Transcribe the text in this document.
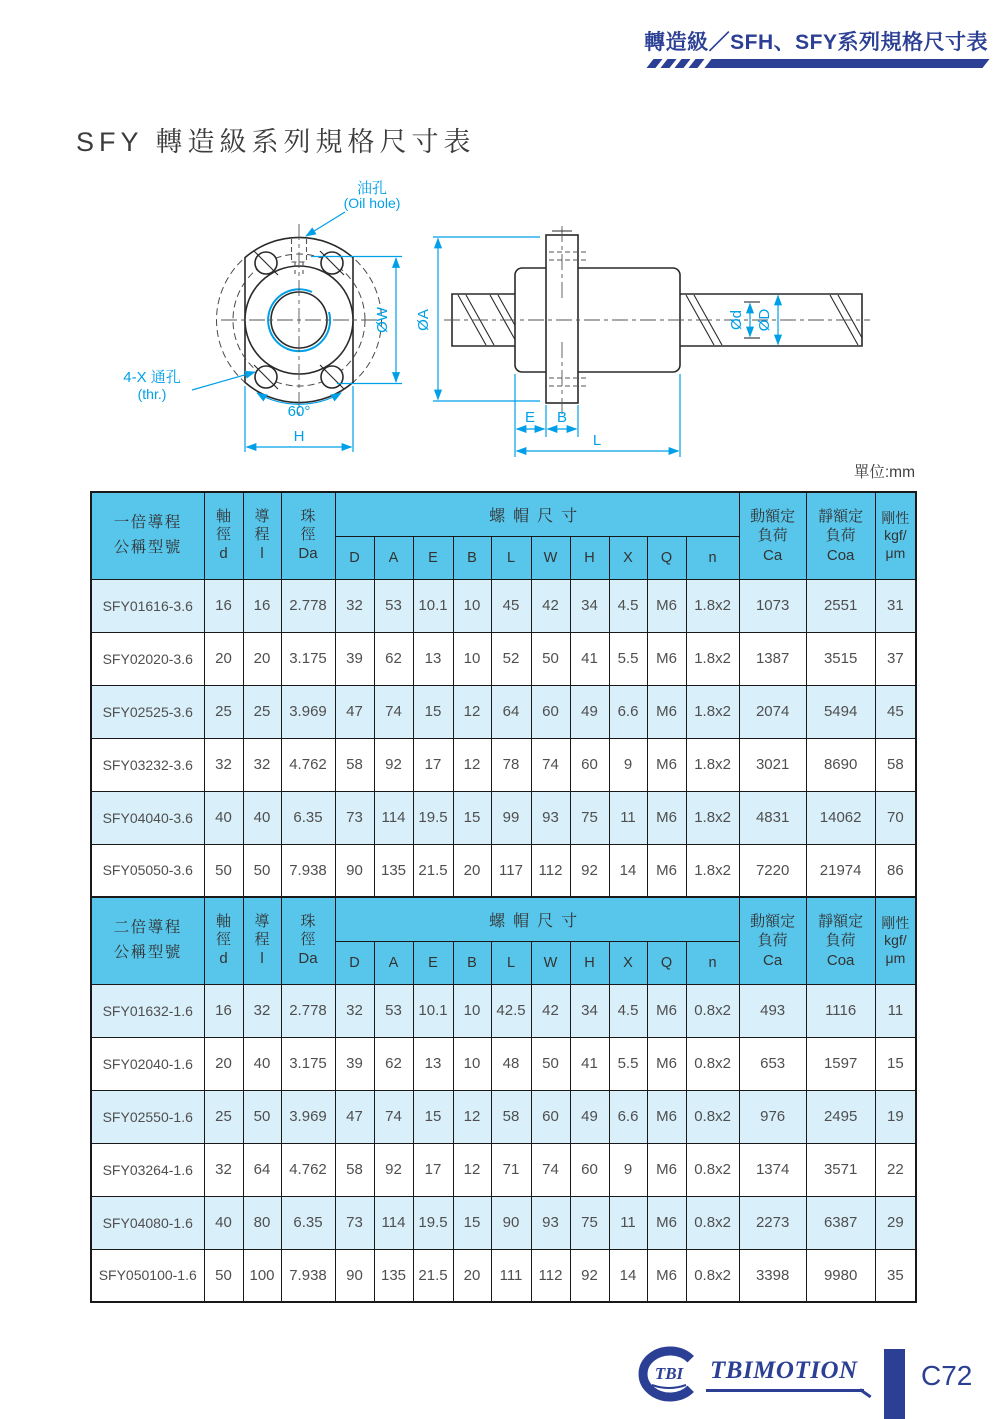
轉造級／SFH、SFY系列規格尺寸表
SFY 轉造級系列規格尺寸表
ØW
H
60°
油孔
(Oil hole)
4-X 通孔
(thr.)
ØA	Ød ØD
E B
L
單位:mm
一倍導程
公稱型號

軸
徑
d

導
程
l

珠
徑
Da
	螺帽尺寸	動額定
負荷
Ca

靜額定
負荷
Coa

剛性
kgf/
μm

				D	A	E	B	L	W	H	X	Q	n			
SFY01616-3.6	16	16	2.778	32	53	10.1	10	45	42	34	4.5	M6	1.8x2	1073	2551	31
SFY02020-3.6	20	20	3.175	39	62	13	10	52	50	41	5.5	M6	1.8x2	1387	3515	37
SFY02525-3.6	25	25	3.969	47	74	15	12	64	60	49	6.6	M6	1.8x2	2074	5494	45
SFY03232-3.6	32	32	4.762	58	92	17	12	78	74	60	9	M6	1.8x2	3021	8690	58
SFY04040-3.6	40	40	6.35	73	114	19.5	15	99	93	75	11	M6	1.8x2	4831	14062	70
SFY05050-3.6	50	50	7.938	90	135	21.5	20	117	112	92	14	M6	1.8x2	7220	21974	86

二倍導程
公稱型號

軸
徑
d

導
程
l

珠
徑
Da
	螺帽尺寸	動額定
負荷
Ca

靜額定
負荷
Coa

剛性
kgf/
μm

				D	A	E	B	L	W	H	X	Q	n			
SFY01632-1.6	16	32	2.778	32	53	10.1	10	42.5	42	34	4.5	M6	0.8x2	493	1116	11
SFY02040-1.6	20	40	3.175	39	62	13	10	48	50	41	5.5	M6	0.8x2	653	1597	15
SFY02550-1.6	25	50	3.969	47	74	15	12	58	60	49	6.6	M6	0.8x2	976	2495	19
SFY03264-1.6	32	64	4.762	58	92	17	12	71	74	60	9	M6	0.8x2	1374	3571	22
SFY04080-1.6	40	80	6.35	73	114	19.5	15	90	93	75	11	M6	0.8x2	2273	6387	29
SFY050100-1.6	50	100	7.938	90	135	21.5	20	111	112	92	14	M6	0.8x2	3398	9980	35
TBI TBIMOTION C72
